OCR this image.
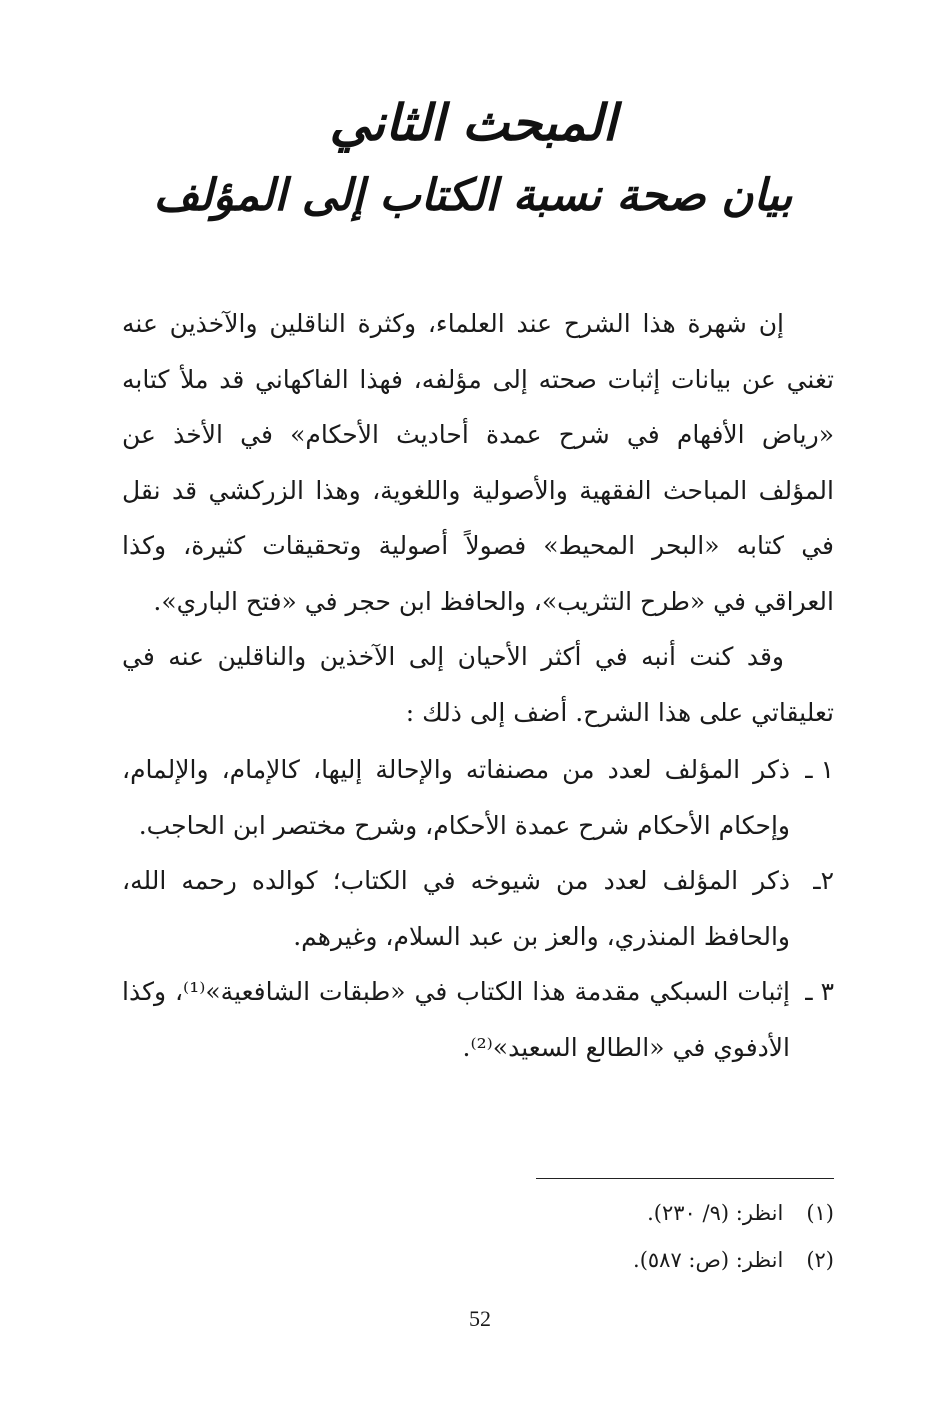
المبحث الثاني
بيان صحة نسبة الكتاب إلى المؤلف

إن شهرة هذا الشرح عند العلماء، وكثرة الناقلين والآخذين عنه تغني عن بيانات إثبات صحته إلى مؤلفه، فهذا الفاكهاني قد ملأ كتابه «رياض الأفهام في شرح عمدة أحاديث الأحكام» في الأخذ عن المؤلف المباحث الفقهية والأصولية واللغوية، وهذا الزركشي قد نقل في كتابه «البحر المحيط» فصولاً أصولية وتحقيقات كثيرة، وكذا العراقي في «طرح التثريب»، والحافظ ابن حجر في «فتح الباري».

وقد كنت أنبه في أكثر الأحيان إلى الآخذين والناقلين عنه في تعليقاتي على هذا الشرح. أضف إلى ذلك :

١ ـ
ذكر المؤلف لعدد من مصنفاته والإحالة إليها، كالإمام، والإلمام، وإحكام الأحكام شرح عمدة الأحكام، وشرح مختصر ابن الحاجب.
٢ـ
ذكر المؤلف لعدد من شيوخه في الكتاب؛ كوالده رحمه الله، والحافظ المنذري، والعز بن عبد السلام، وغيرهم.
٣ ـ
إثبات السبكي مقدمة هذا الكتاب في «طبقات الشافعية»⁽¹⁾، وكذا الأدفوي في «الطالع السعيد»⁽²⁾.
(١) انظر: (٩/ ٢٣٠).
(٢) انظر: (ص: ٥٨٧).
52
